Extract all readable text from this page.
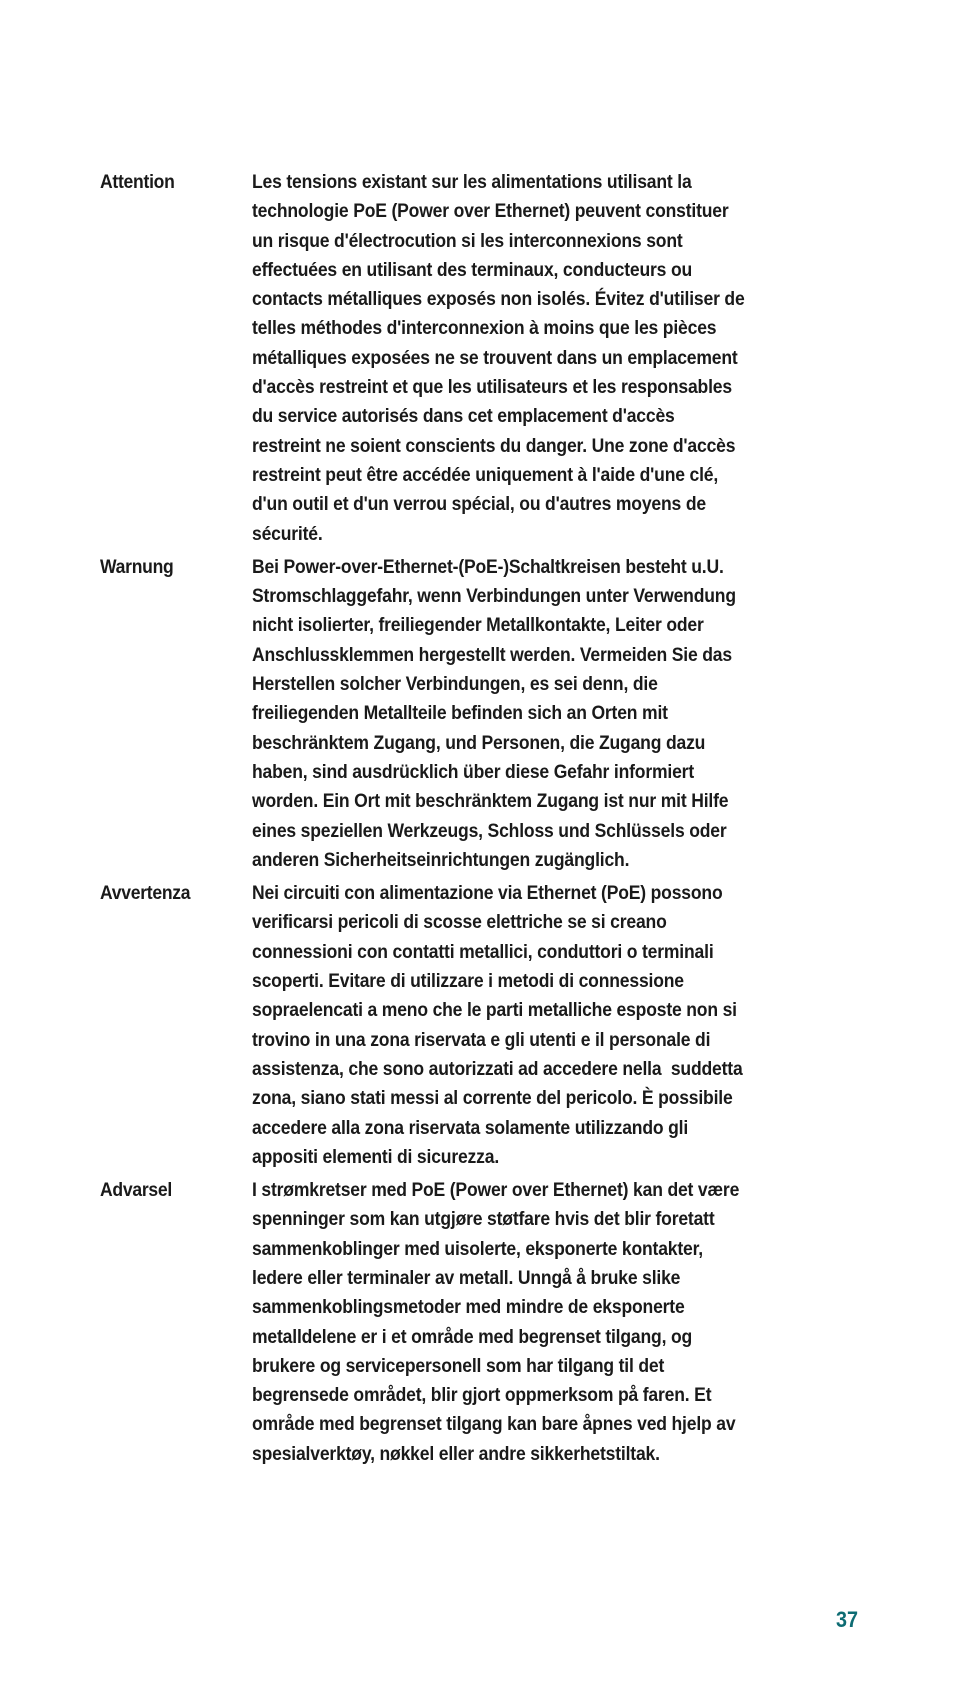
Attention	Les tensions existant sur les alimentations utilisant la
technologie PoE (Power over Ethernet) peuvent constituer
un risque d'électrocution si les interconnexions sont
effectuées en utilisant des terminaux, conducteurs ou
contacts métalliques exposés non isolés. Évitez d'utiliser de
telles méthodes d'interconnexion à moins que les pièces
métalliques exposées ne se trouvent dans un emplacement
d'accès restreint et que les utilisateurs et les responsables
du service autorisés dans cet emplacement d'accès
restreint ne soient conscients du danger. Une zone d'accès
restreint peut être accédée uniquement à l'aide d'une clé,
d'un outil et d'un verrou spécial, ou d'autres moyens de
sécurité.
Warnung	Bei Power-over-Ethernet-(PoE-)Schaltkreisen besteht u.U.
Stromschlaggefahr, wenn Verbindungen unter Verwendung
nicht isolierter, freiliegender Metallkontakte, Leiter oder
Anschlussklemmen hergestellt werden. Vermeiden Sie das
Herstellen solcher Verbindungen, es sei denn, die
freiliegenden Metallteile befinden sich an Orten mit
beschränktem Zugang, und Personen, die Zugang dazu
haben, sind ausdrücklich über diese Gefahr informiert
worden. Ein Ort mit beschränktem Zugang ist nur mit Hilfe
eines speziellen Werkzeugs, Schloss und Schlüssels oder
anderen Sicherheitseinrichtungen zugänglich.
Avvertenza	Nei circuiti con alimentazione via Ethernet (PoE) possono
verificarsi pericoli di scosse elettriche se si creano
connessioni con contatti metallici, conduttori o terminali
scoperti. Evitare di utilizzare i metodi di connessione
sopraelencati a meno che le parti metalliche esposte non si
trovino in una zona riservata e gli utenti e il personale di
assistenza, che sono autorizzati ad accedere nella  suddetta
zona, siano stati messi al corrente del pericolo. È possibile
accedere alla zona riservata solamente utilizzando gli
appositi elementi di sicurezza.
Advarsel	I strømkretser med PoE (Power over Ethernet) kan det være
spenninger som kan utgjøre støtfare hvis det blir foretatt
sammenkoblinger med uisolerte, eksponerte kontakter,
ledere eller terminaler av metall. Unngå å bruke slike
sammenkoblingsmetoder med mindre de eksponerte
metalldelene er i et område med begrenset tilgang, og
brukere og servicepersonell som har tilgang til det
begrensede området, blir gjort oppmerksom på faren. Et
område med begrenset tilgang kan bare åpnes ved hjelp av
spesialverktøy, nøkkel eller andre sikkerhetstiltak.
37
